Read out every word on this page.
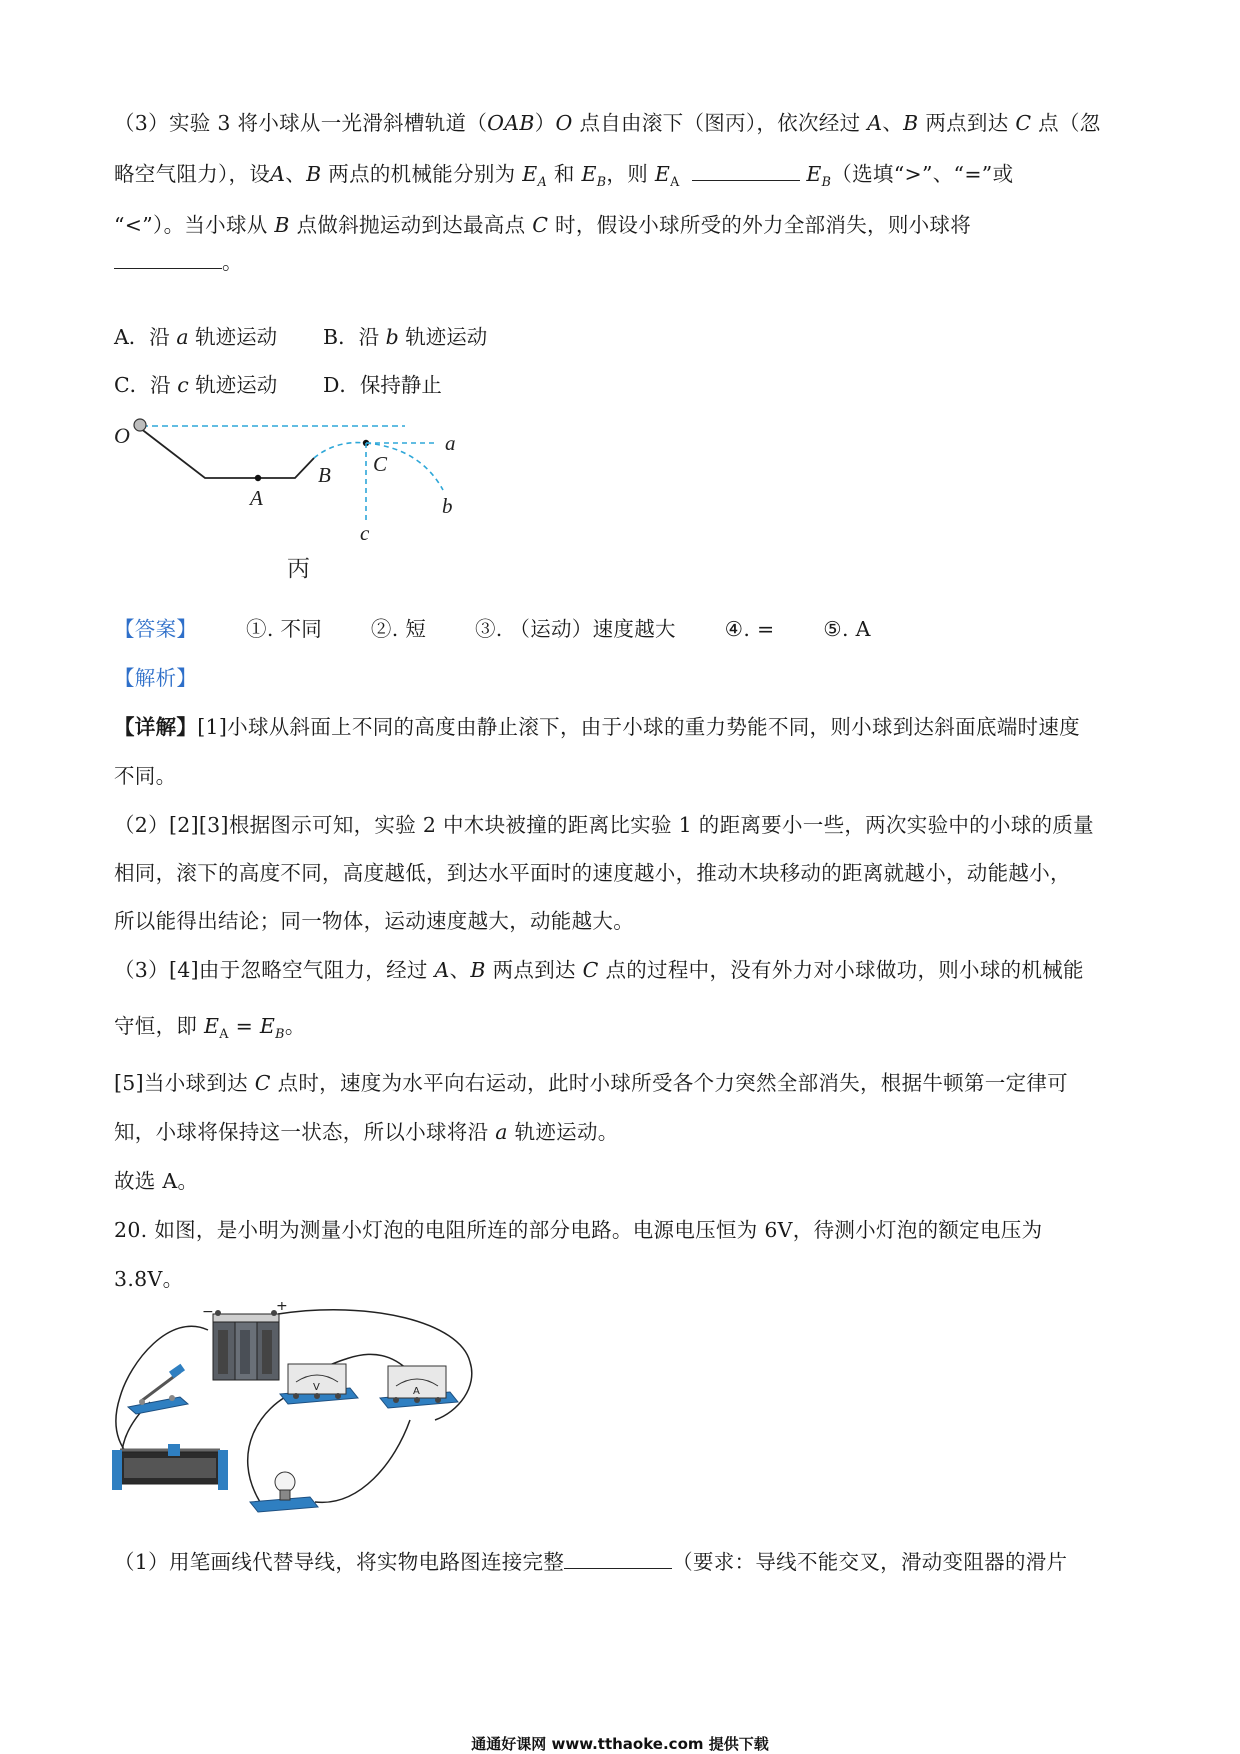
（3）实验 3 将小球从一光滑斜槽轨道（OAB）O 点自由滚下（图丙），依次经过 A、B 两点到达 C 点（忽
略空气阻力），设A、B 两点的机械能分别为 $E_A$ 和 $E_B$，则 $E_A$	$E_B$（选填“>”、“=”或
“<”）。当小球从 B 点做斜抛运动到达最高点 C 时，假设小球所受的外力全部消失，则小球将
。
A．沿 a 轨迹运动 B．沿 b 轨迹运动
C．沿 c 轨迹运动 D．保持静止
O
A
B C
a
b
c
丙
【答案】 ①. 不同 ②. 短 ③. （运动）速度越大 ④. = ⑤. A
【解析】
【详解】[1]小球从斜面上不同的高度由静止滚下，由于小球的重力势能不同，则小球到达斜面底端时速度
不同。
（2）[2][3]根据图示可知，实验 2 中木块被撞的距离比实验 1 的距离要小一些，两次实验中的小球的质量
相同，滚下的高度不同，高度越低，到达水平面时的速度越小，推动木块移动的距离就越小，动能越小，
所以能得出结论；同一物体，运动速度越大，动能越大。
（3）[4]由于忽略空气阻力，经过 A、B 两点到达 C 点的过程中，没有外力对小球做功，则小球的机械能
守恒，即 $E_A = E_B$。
[5]当小球到达 C 点时，速度为水平向右运动，此时小球所受各个力突然全部消失，根据牛顿第一定律可
知，小球将保持这一状态，所以小球将沿 a 轨迹运动。
故选 A。
20. 如图，是小明为测量小灯泡的电阻所连的部分电路。电源电压恒为 6V，待测小灯泡的额定电压为
3.8V。
−	+
V	A
（1）用笔画线代替导线，将实物电路图连接完整	（要求：导线不能交叉，滑动变阻器的滑片
通通好课网 www.tthaoke.com 提供下载
